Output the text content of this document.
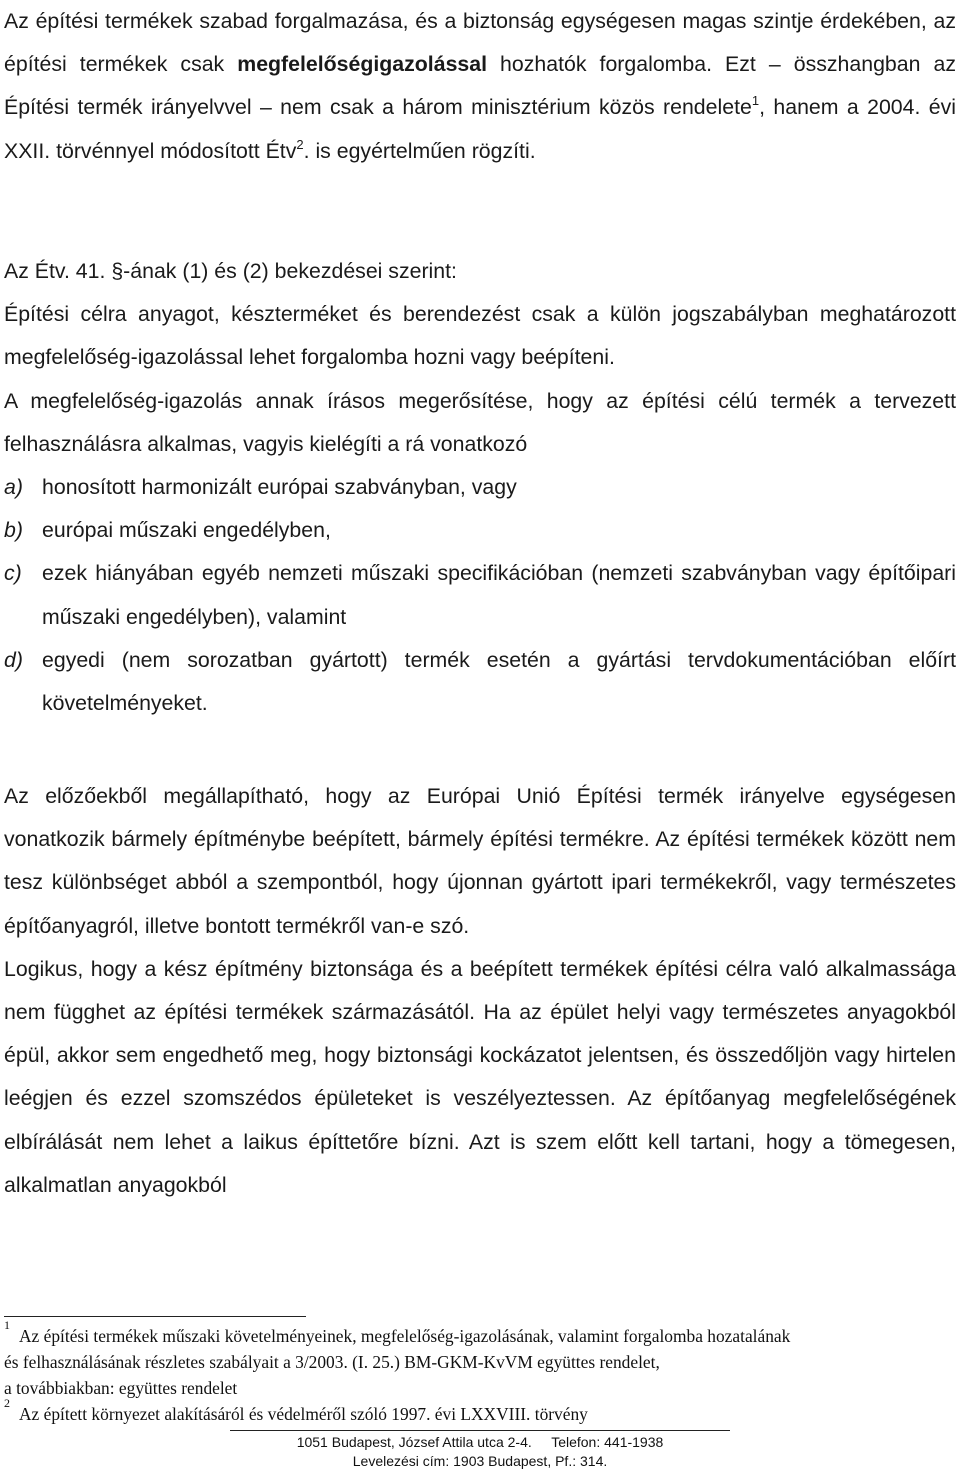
Az építési termékek szabad forgalmazása, és a biztonság egységesen magas szintje érdekében, az építési termékek csak megfelelőségigazolással hozhatók forgalomba. Ezt – összhangban az Építési termék irányelvvel – nem csak a három minisztérium közös rendelete$^1$, hanem a 2004. évi XXII. törvénnyel módosított Étv$^2$. is egyértelműen rögzíti.

Az Étv. 41. §-ának (1) és (2) bekezdései szerint:

Építési célra anyagot, készterméket és berendezést csak a külön jogszabályban meghatározott megfelelőség-igazolással lehet forgalomba hozni vagy beépíteni.

A megfelelőség-igazolás annak írásos megerősítése, hogy az építési célú termék a tervezett felhasználásra alkalmas, vagyis kielégíti a rá vonatkozó

a) honosított harmonizált európai szabványban, vagy
b) európai műszaki engedélyben,
c) ezek hiányában egyéb nemzeti műszaki specifikációban (nemzeti szabványban vagy építőipari műszaki engedélyben), valamint
d) egyedi (nem sorozatban gyártott) termék esetén a gyártási tervdokumentációban előírt követelményeket.

Az előzőekből megállapítható, hogy az Európai Unió Építési termék irányelve egységesen vonatkozik bármely építménybe beépített, bármely építési termékre. Az építési termékek között nem tesz különbséget abból a szempontból, hogy újonnan gyártott ipari termékekről, vagy természetes építőanyagról, illetve bontott termékről van-e szó.

Logikus, hogy a kész építmény biztonsága és a beépített termékek építési célra való alkalmassága nem függhet az építési termékek származásától. Ha az épület helyi vagy természetes anyagokból épül, akkor sem engedhető meg, hogy biztonsági kockázatot jelentsen, és összedőljön vagy hirtelen leégjen és ezzel szomszédos épületeket is veszélyeztessen. Az építőanyag megfelelőségének elbírálását nem lehet a laikus építtetőre bízni. Azt is szem előtt kell tartani, hogy a tömegesen, alkalmatlan anyagokból

1
Az építési termékek műszaki követelményeinek, megfelelőség-igazolásának, valamint forgalomba hozatalának
és felhasználásának részletes szabályait a 3/2003. (I. 25.) BM-GKM-KvVM együttes rendelet,
a továbbiakban: együttes rendelet
2
Az épített környezet alakításáról és védelméről szóló 1997. évi LXXVIII. törvény
1051 Budapest, József Attila utca 2-4. Telefon: 441-1938
Levelezési cím: 1903 Budapest, Pf.: 314.
